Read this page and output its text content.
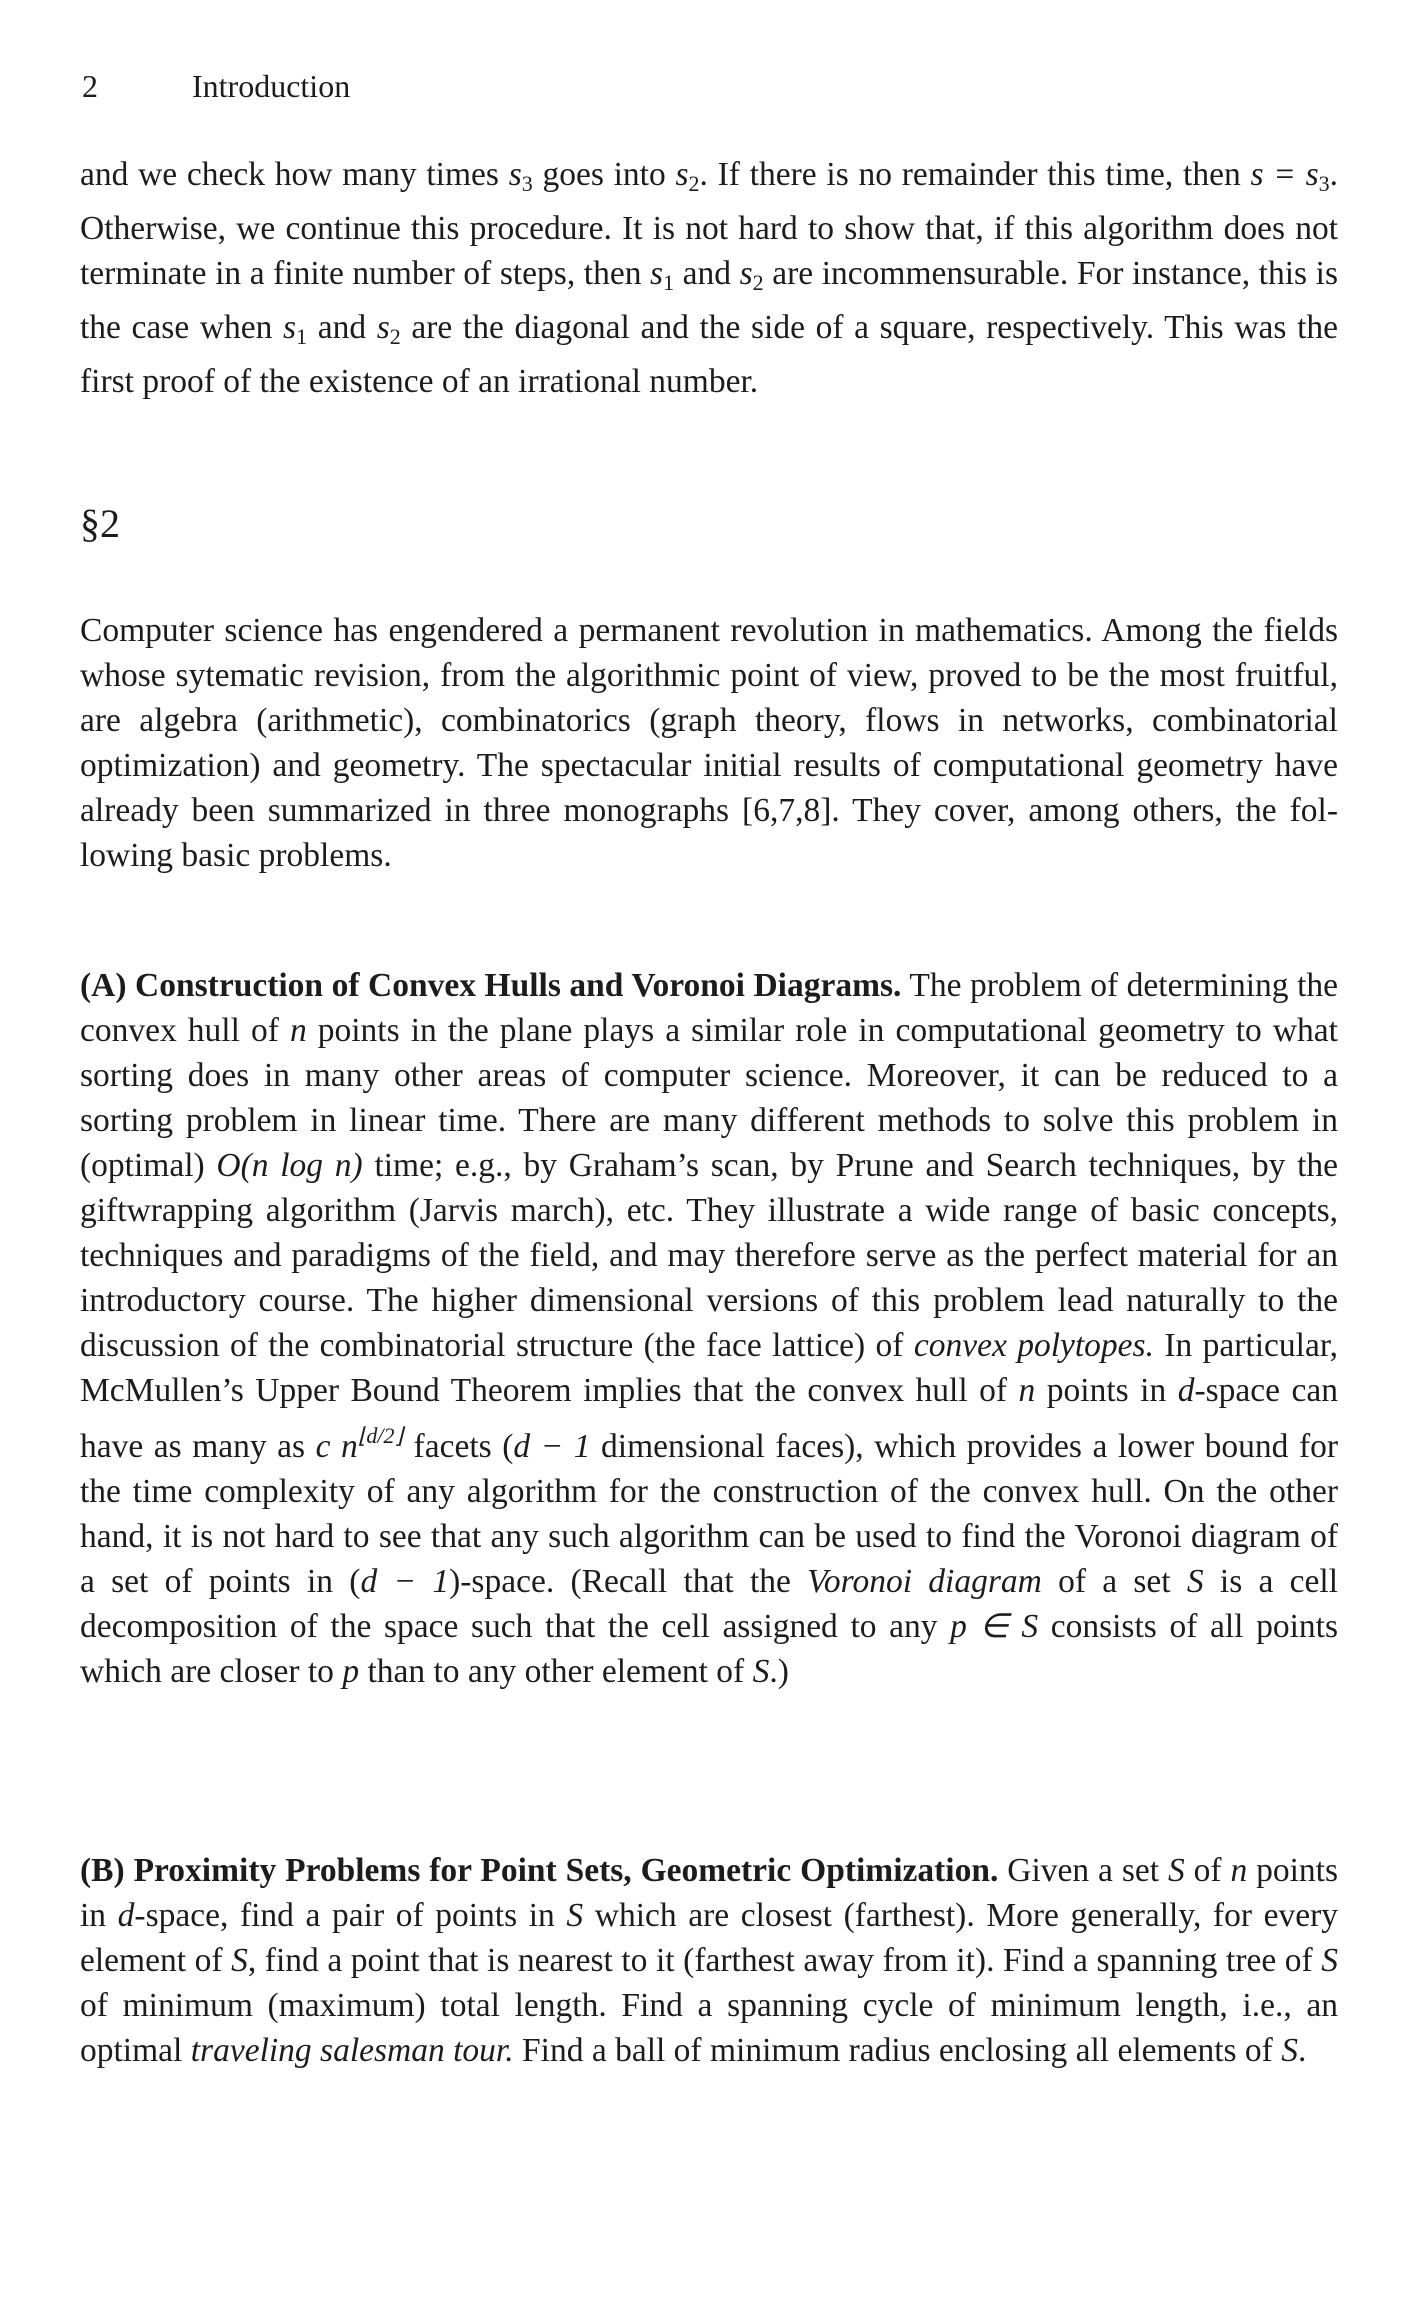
2	Introduction

and we check how many times $s_3$ goes into $s_2$. If there is no remainder this time, then $s = s_3$. Otherwise, we continue this procedure. It is not hard to show that, if this algorithm does not terminate in a finite number of steps, then $s_1$ and $s_2$ are incommensurable. For instance, this is the case when $s_1$ and $s_2$ are the diagonal and the side of a square, respectively. This was the first proof of the existence of an irrational number.

§2

Computer science has engendered a permanent revolution in mathematics. Among the fields whose sytematic revision, from the algorithmic point of view, proved to be the most fruitful, are algebra (arithmetic), combinatorics (graph theory, flows in networks, combinatorial optimization) and geometry. The spectacular initial results of computational geometry have already been summarized in three monographs [6,7,8]. They cover, among others, the following basic problems.

(A) Construction of Convex Hulls and Voronoi Diagrams. The problem of determining the convex hull of n points in the plane plays a similar role in computational geometry to what sorting does in many other areas of computer science. Moreover, it can be reduced to a sorting problem in linear time. There are many different methods to solve this problem in (optimal) O(n log n) time; e.g., by Graham’s scan, by Prune and Search techniques, by the giftwrapping algorithm (Jarvis march), etc. They illustrate a wide range of basic concepts, techniques and paradigms of the field, and may therefore serve as the perfect material for an introductory course. The higher dimensional versions of this problem lead naturally to the discussion of the combinatorial structure (the face lattice) of convex polytopes. In particular, McMullen’s Upper Bound Theorem implies that the convex hull of n points in d-space can have as many as c $n^{⌊d/2⌋}$ facets (d − 1 dimensional faces), which provides a lower bound for the time complexity of any algorithm for the construction of the convex hull. On the other hand, it is not hard to see that any such algorithm can be used to find the Voronoi diagram of a set of points in (d − 1)-space. (Recall that the Voronoi diagram of a set S is a cell decomposition of the space such that the cell assigned to any p ∈ S consists of all points which are closer to p than to any other element of S.)

(B) Proximity Problems for Point Sets, Geometric Optimization. Given a set S of n points in d-space, find a pair of points in S which are closest (farthest). More generally, for every element of S, find a point that is nearest to it (farthest away from it). Find a spanning tree of S of minimum (maximum) total length. Find a spanning cycle of minimum length, i.e., an optimal traveling salesman tour. Find a ball of minimum radius enclosing all elements of S.
